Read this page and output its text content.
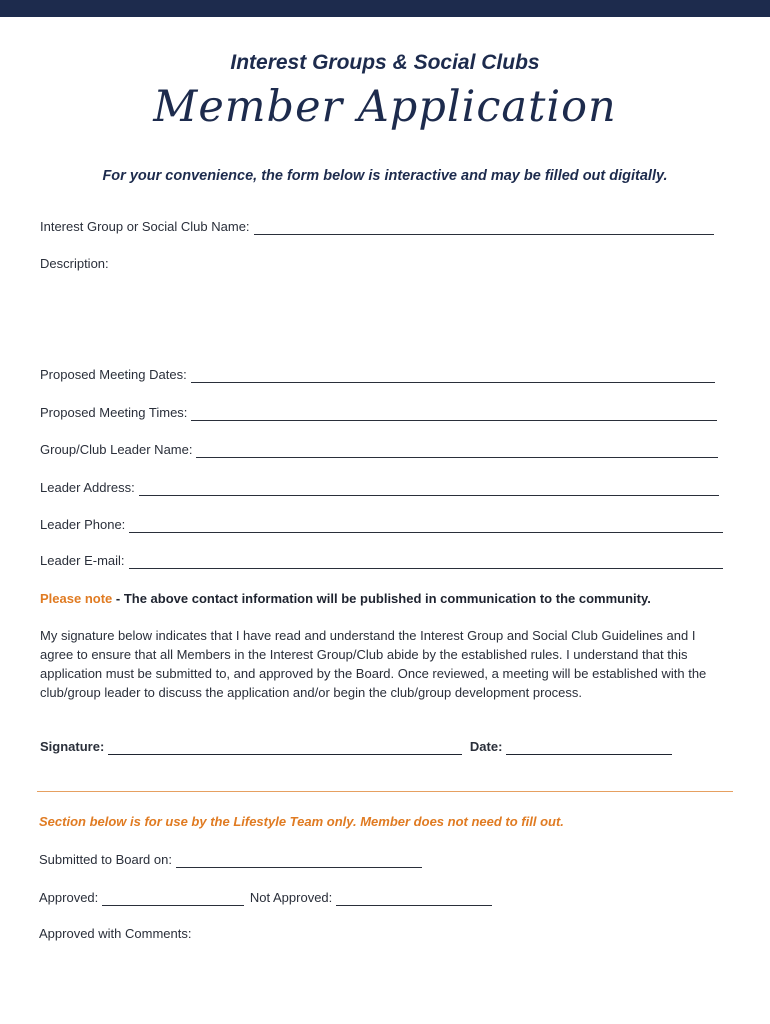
Interest Groups & Social Clubs
Member Application
For your convenience, the form below is interactive and may be filled out digitally.
Interest Group or Social Club Name:
Description:
Proposed Meeting Dates:
Proposed Meeting Times:
Group/Club Leader Name:
Leader Address:
Leader Phone:
Leader E-mail:
Please note - The above contact information will be published in communication to the community.
My signature below indicates that I have read and understand the Interest Group and Social Club Guidelines and I agree to ensure that all Members in the Interest Group/Club abide by the established rules. I understand that this application must be submitted to, and approved by the Board. Once reviewed, a meeting will be established with the club/group leader to discuss the application and/or begin the club/group development process.
Signature:	Date:
Section below is for use by the Lifestyle Team only. Member does not need to fill out.
Submitted to Board on:
Approved:	Not Approved:
Approved with Comments:
